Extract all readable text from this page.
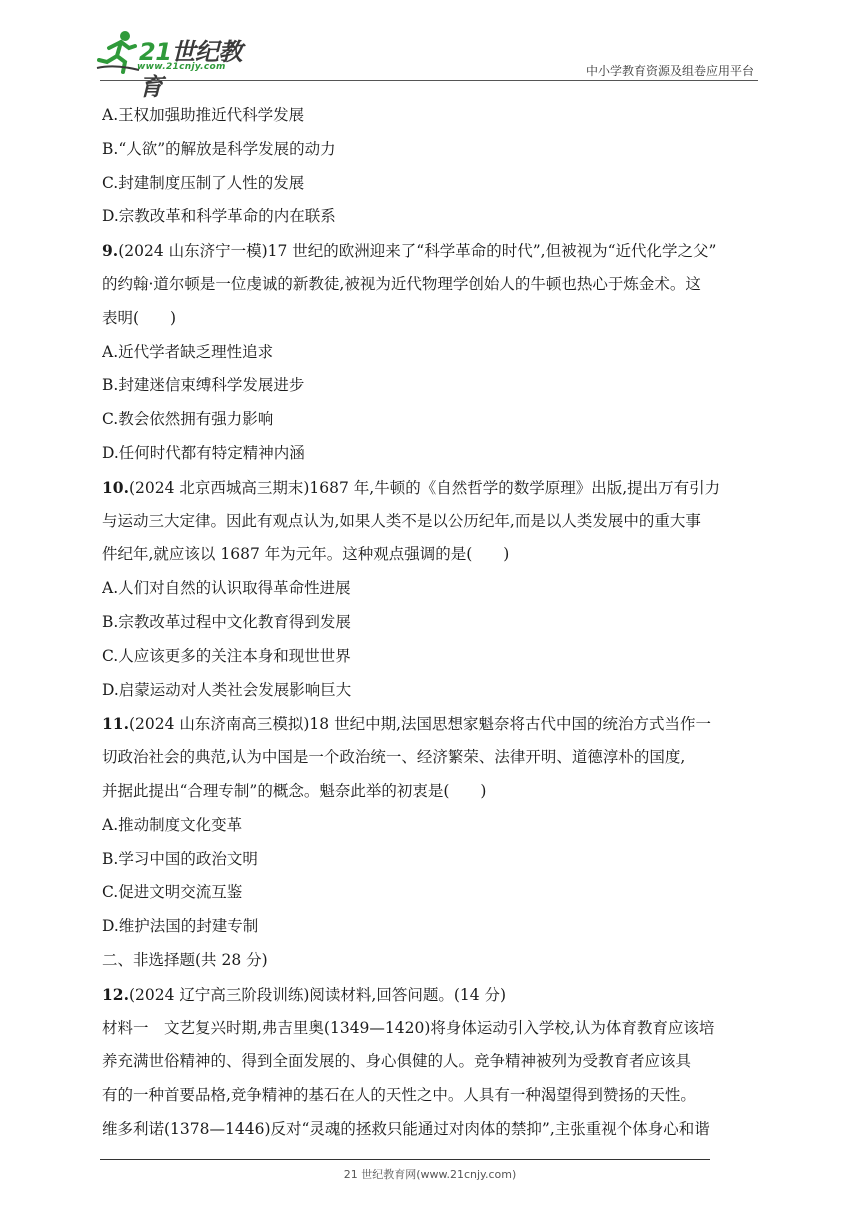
21世纪教育
www.21cnjy.com	中小学教育资源及组卷应用平台
A.王权加强助推近代科学发展
B.“人欲”的解放是科学发展的动力
C.封建制度压制了人性的发展
D.宗教改革和科学革命的内在联系
9.(2024 山东济宁一模)17 世纪的欧洲迎来了“科学革命的时代”,但被视为“近代化学之父”
的约翰·道尔顿是一位虔诚的新教徒,被视为近代物理学创始人的牛顿也热心于炼金术。这
表明(　　)
A.近代学者缺乏理性追求
B.封建迷信束缚科学发展进步
C.教会依然拥有强力影响
D.任何时代都有特定精神内涵
10.(2024 北京西城高三期末)1687 年,牛顿的《自然哲学的数学原理》出版,提出万有引力
与运动三大定律。因此有观点认为,如果人类不是以公历纪年,而是以人类发展中的重大事
件纪年,就应该以 1687 年为元年。这种观点强调的是(　　)
A.人们对自然的认识取得革命性进展
B.宗教改革过程中文化教育得到发展
C.人应该更多的关注本身和现世世界
D.启蒙运动对人类社会发展影响巨大
11.(2024 山东济南高三模拟)18 世纪中期,法国思想家魁奈将古代中国的统治方式当作一
切政治社会的典范,认为中国是一个政治统一、经济繁荣、法律开明、道德淳朴的国度,
并据此提出“合理专制”的概念。魁奈此举的初衷是(　　)
A.推动制度文化变革
B.学习中国的政治文明
C.促进文明交流互鉴
D.维护法国的封建专制
二、非选择题(共 28 分)
12.(2024 辽宁高三阶段训练)阅读材料,回答问题。(14 分)
材料一　文艺复兴时期,弗吉里奥(1349—1420)将身体运动引入学校,认为体育教育应该培
养充满世俗精神的、得到全面发展的、身心俱健的人。竞争精神被列为受教育者应该具
有的一种首要品格,竞争精神的基石在人的天性之中。人具有一种渴望得到赞扬的天性。
维多利诺(1378—1446)反对“灵魂的拯救只能通过对肉体的禁抑”,主张重视个体身心和谐
21 世纪教育网(www.21cnjy.com)
